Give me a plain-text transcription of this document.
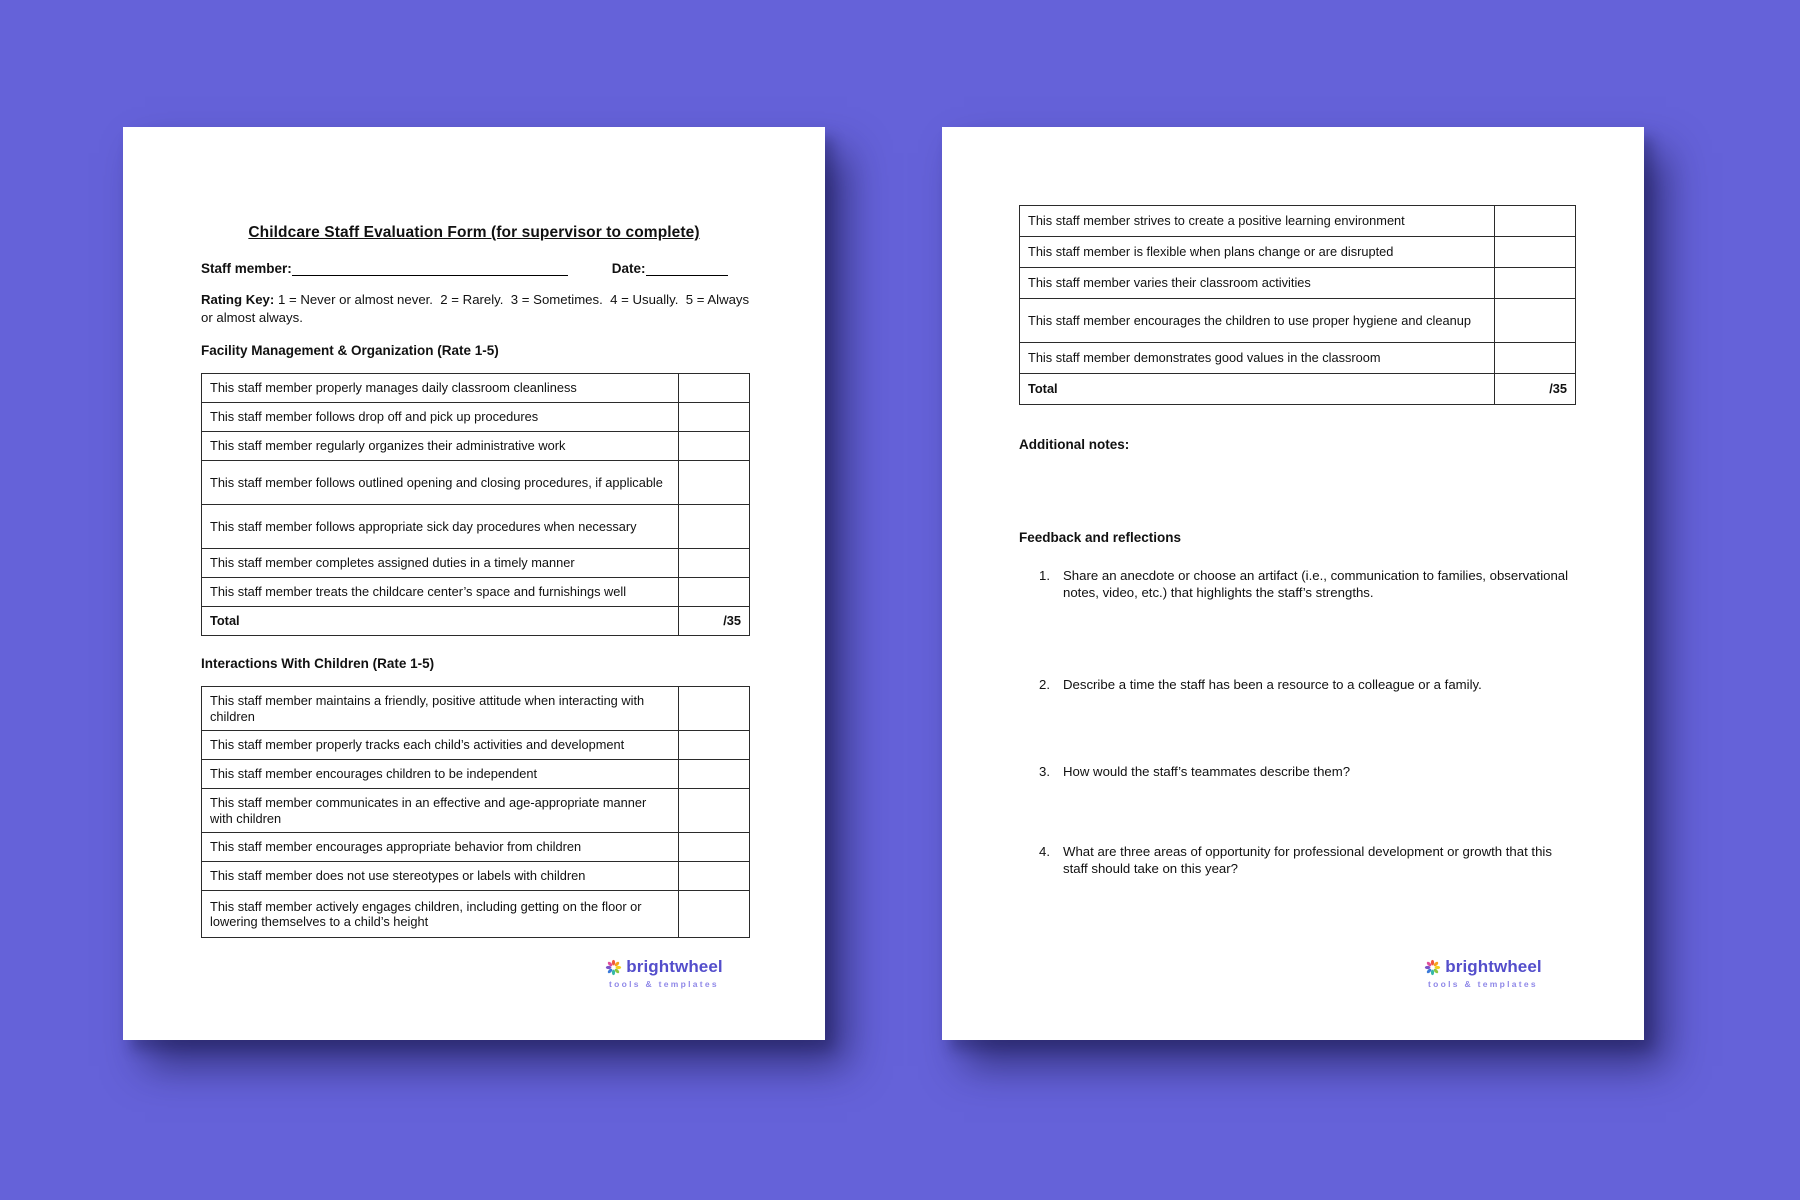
Childcare Staff Evaluation Form (for supervisor to complete)
Staff member:	Date:
Rating Key: 1 = Never or almost never.  2 = Rarely.  3 = Sometimes.  4 = Usually.  5 = Always or almost always.
Facility Management & Organization (Rate 1-5)
This staff member properly manages daily classroom cleanliness	
This staff member follows drop off and pick up procedures	
This staff member regularly organizes their administrative work	
This staff member follows outlined opening and closing procedures, if applicable	
This staff member follows appropriate sick day procedures when necessary	
This staff member completes assigned duties in a timely manner	
This staff member treats the childcare center’s space and furnishings well	
Total	/35
Interactions With Children (Rate 1-5)
This staff member maintains a friendly, positive attitude when interacting with children	
This staff member properly tracks each child’s activities and development	
This staff member encourages children to be independent	
This staff member communicates in an effective and age-appropriate manner with children	
This staff member encourages appropriate behavior from children	
This staff member does not use stereotypes or labels with children	
This staff member actively engages children, including getting on the floor or lowering themselves to a child’s height	
brightwheel
tools & templates
This staff member strives to create a positive learning environment	
This staff member is flexible when plans change or are disrupted	
This staff member varies their classroom activities	
This staff member encourages the children to use proper hygiene and cleanup	
This staff member demonstrates good values in the classroom	
Total	/35
Additional notes:
Feedback and reflections
1. Share an anecdote or choose an artifact (i.e., communication to families, observational notes, video, etc.) that highlights the staff’s strengths.
2. Describe a time the staff has been a resource to a colleague or a family.
3. How would the staff’s teammates describe them?
4. What are three areas of opportunity for professional development or growth that this staff should take on this year?
brightwheel
tools & templates
